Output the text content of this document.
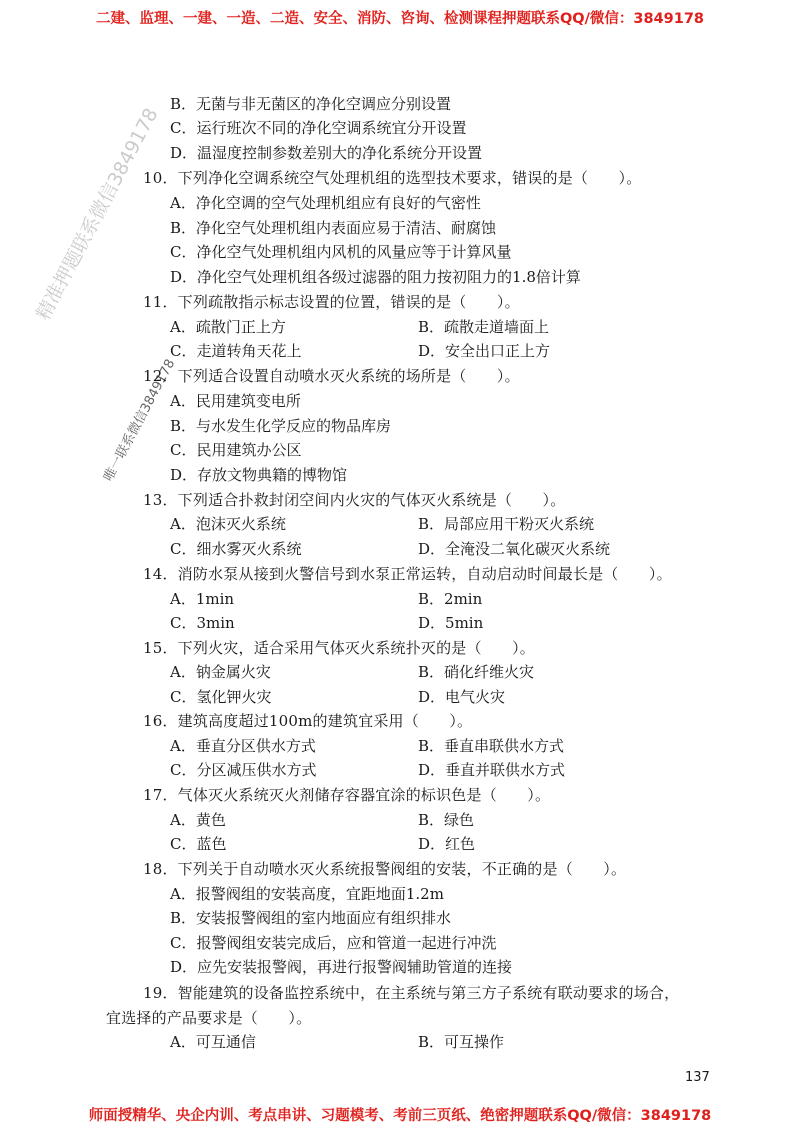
二建、监理、一建、一造、二造、安全、消防、咨询、检测课程押题联系QQ/微信：3849178
精准押题联系微信3849178
唯一联系微信3849178
B．无菌与非无菌区的净化空调应分别设置
C．运行班次不同的净化空调系统宜分开设置
D．温湿度控制参数差别大的净化系统分开设置
10．下列净化空调系统空气处理机组的选型技术要求，错误的是（　　）。
A．净化空调的空气处理机组应有良好的气密性
B．净化空气处理机组内表面应易于清洁、耐腐蚀
C．净化空气处理机组内风机的风量应等于计算风量
D．净化空气处理机组各级过滤器的阻力按初阻力的1.8倍计算
11．下列疏散指示标志设置的位置，错误的是（　　）。
A．疏散门正上方	B．疏散走道墙面上
C．走道转角天花上	D．安全出口正上方
12．下列适合设置自动喷水灭火系统的场所是（　　）。
A．民用建筑变电所
B．与水发生化学反应的物品库房
C．民用建筑办公区
D．存放文物典籍的博物馆
13．下列适合扑救封闭空间内火灾的气体灭火系统是（　　）。
A．泡沫灭火系统	B．局部应用干粉灭火系统
C．细水雾灭火系统	D．全淹没二氧化碳灭火系统
14．消防水泵从接到火警信号到水泵正常运转，自动启动时间最长是（　　）。
A．1min	B．2min
C．3min	D．5min
15．下列火灾，适合采用气体灭火系统扑灭的是（　　）。
A．钠金属火灾	B．硝化纤维火灾
C．氢化钾火灾	D．电气火灾
16．建筑高度超过100m的建筑宜采用（　　）。
A．垂直分区供水方式	B．垂直串联供水方式
C．分区减压供水方式	D．垂直并联供水方式
17．气体灭火系统灭火剂储存容器宜涂的标识色是（　　）。
A．黄色	B．绿色
C．蓝色	D．红色
18．下列关于自动喷水灭火系统报警阀组的安装，不正确的是（　　）。
A．报警阀组的安装高度，宜距地面1.2m
B．安装报警阀组的室内地面应有组织排水
C．报警阀组安装完成后，应和管道一起进行冲洗
D．应先安装报警阀，再进行报警阀辅助管道的连接
19．智能建筑的设备监控系统中，在主系统与第三方子系统有联动要求的场合，
宜选择的产品要求是（　　）。
A．可互通信	B．可互操作
137
师面授精华、央企内训、考点串讲、习题模考、考前三页纸、绝密押题联系QQ/微信：3849178
